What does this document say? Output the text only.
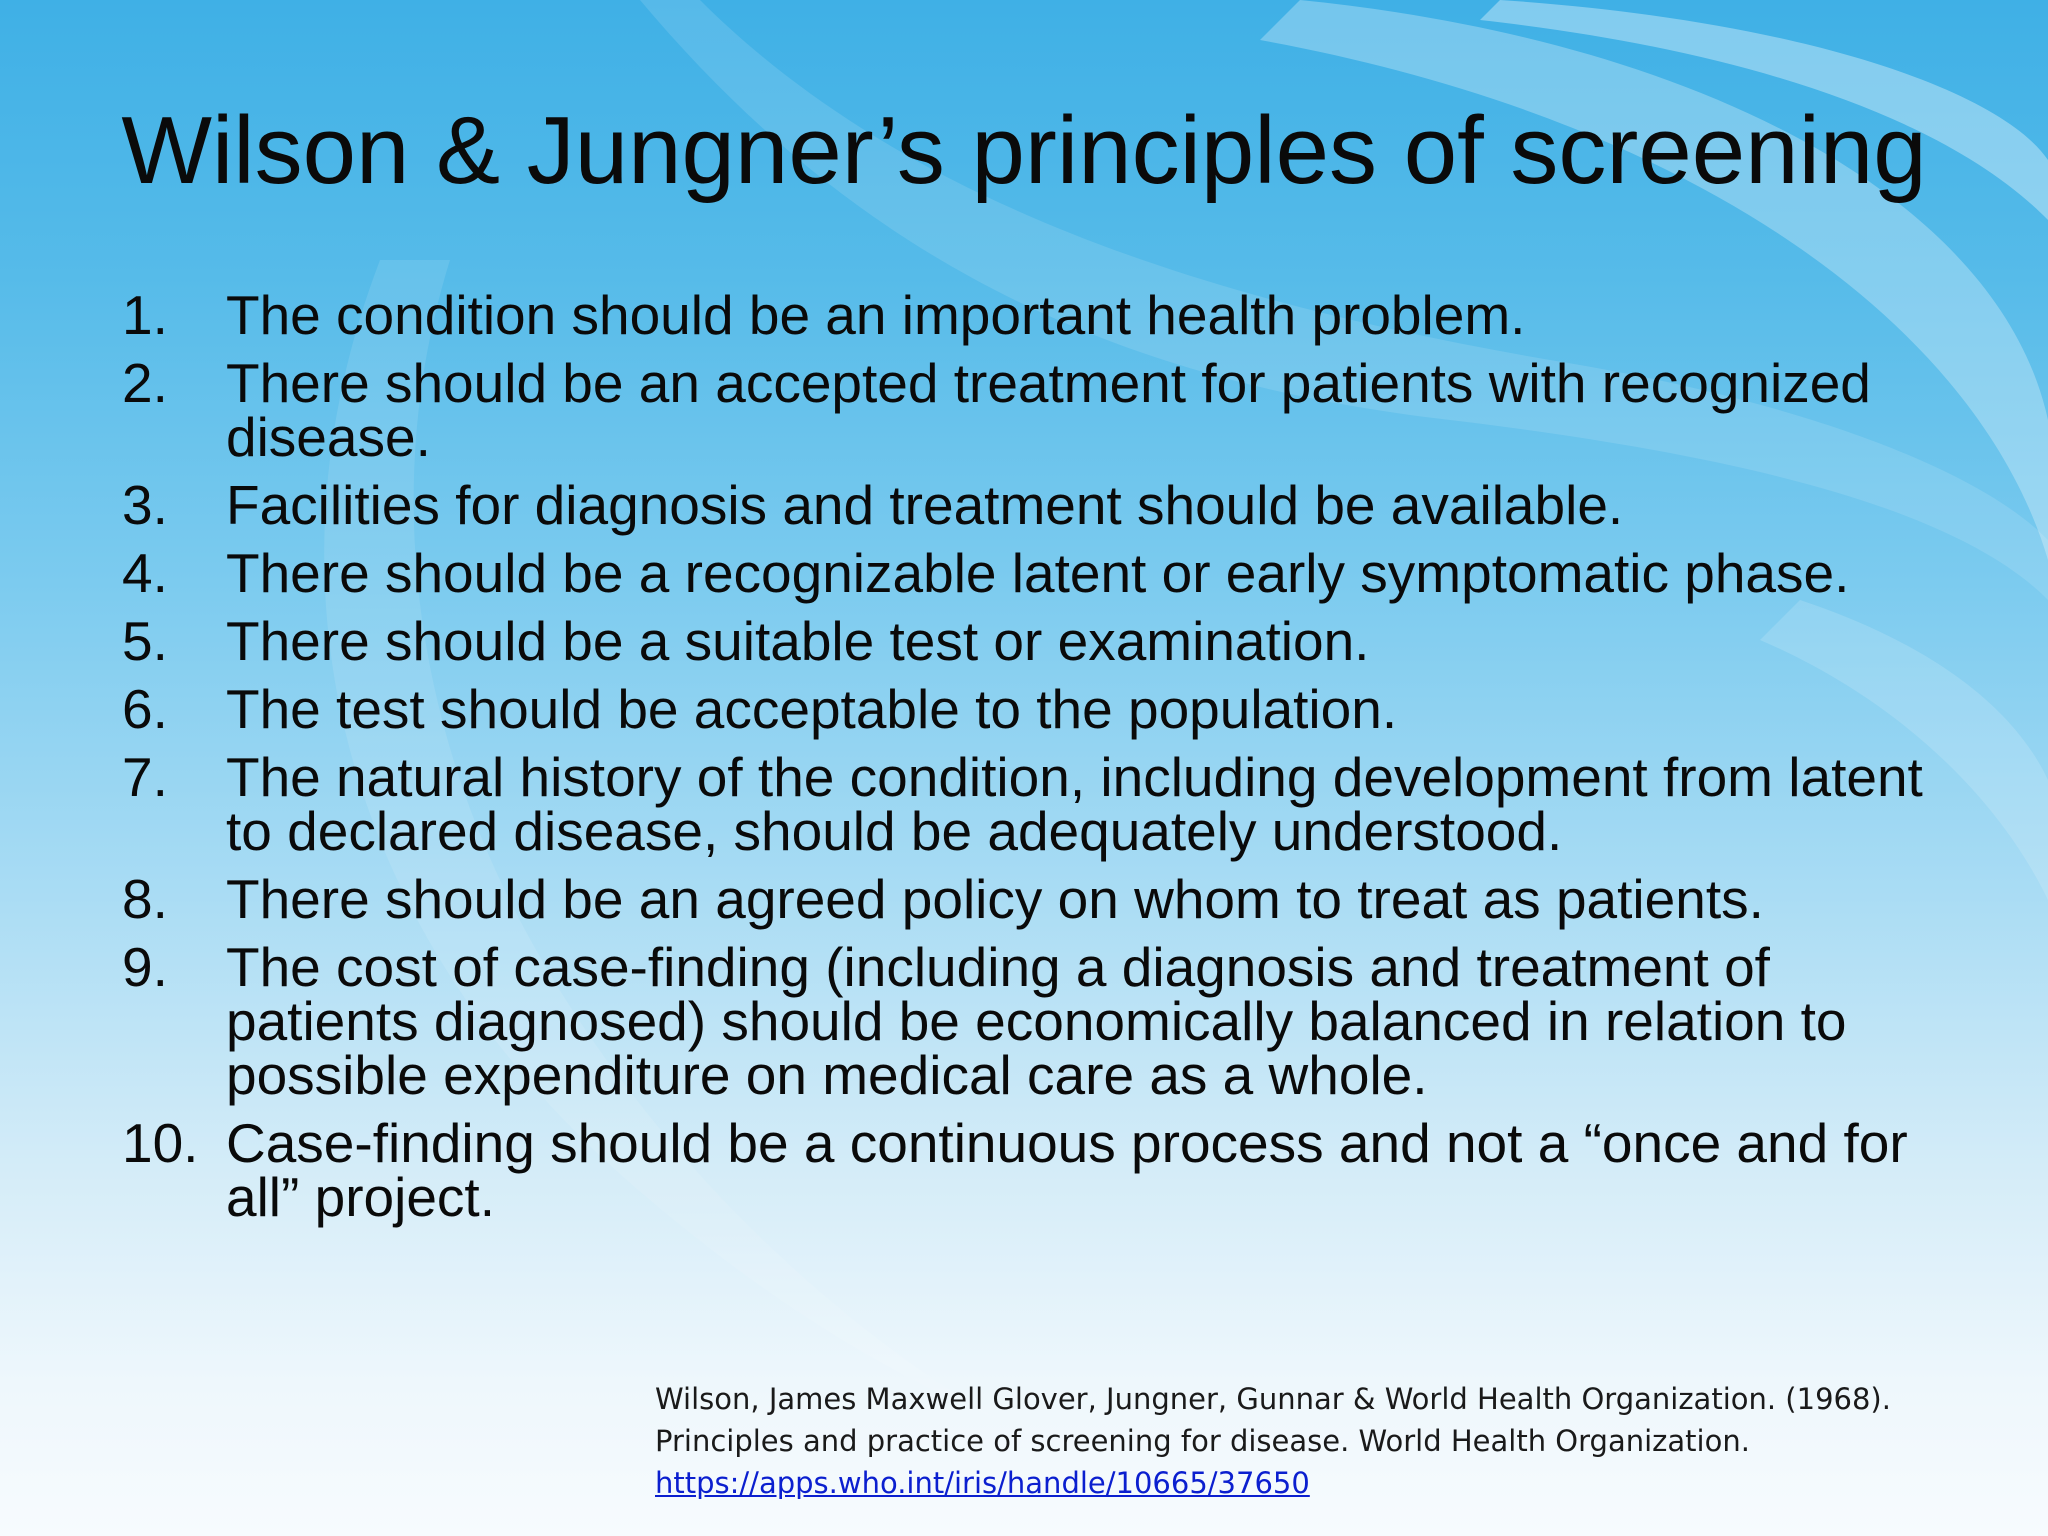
Wilson & Jungner’s principles of screening
1.	The condition should be an important health problem.
2.	There should be an accepted treatment for patients with recognized disease.
3.	Facilities for diagnosis and treatment should be available.
4.	There should be a recognizable latent or early symptomatic phase.
5.	There should be a suitable test or examination.
6.	The test should be acceptable to the population.
7.	The natural history of the condition, including development from latent to declared disease, should be adequately understood.
8.	There should be an agreed policy on whom to treat as patients.
9.	The cost of case-finding (including a diagnosis and treatment of patients diagnosed) should be economically balanced in relation to possible expenditure on medical care as a whole.
10. Case-finding should be a continuous process and not a “once and for all” project.

Wilson, James Maxwell Glover, Jungner, Gunnar & World Health Organization. (1968). Principles and practice of screening for disease. World Health Organization.

https://apps.who.int/iris/handle/10665/37650
